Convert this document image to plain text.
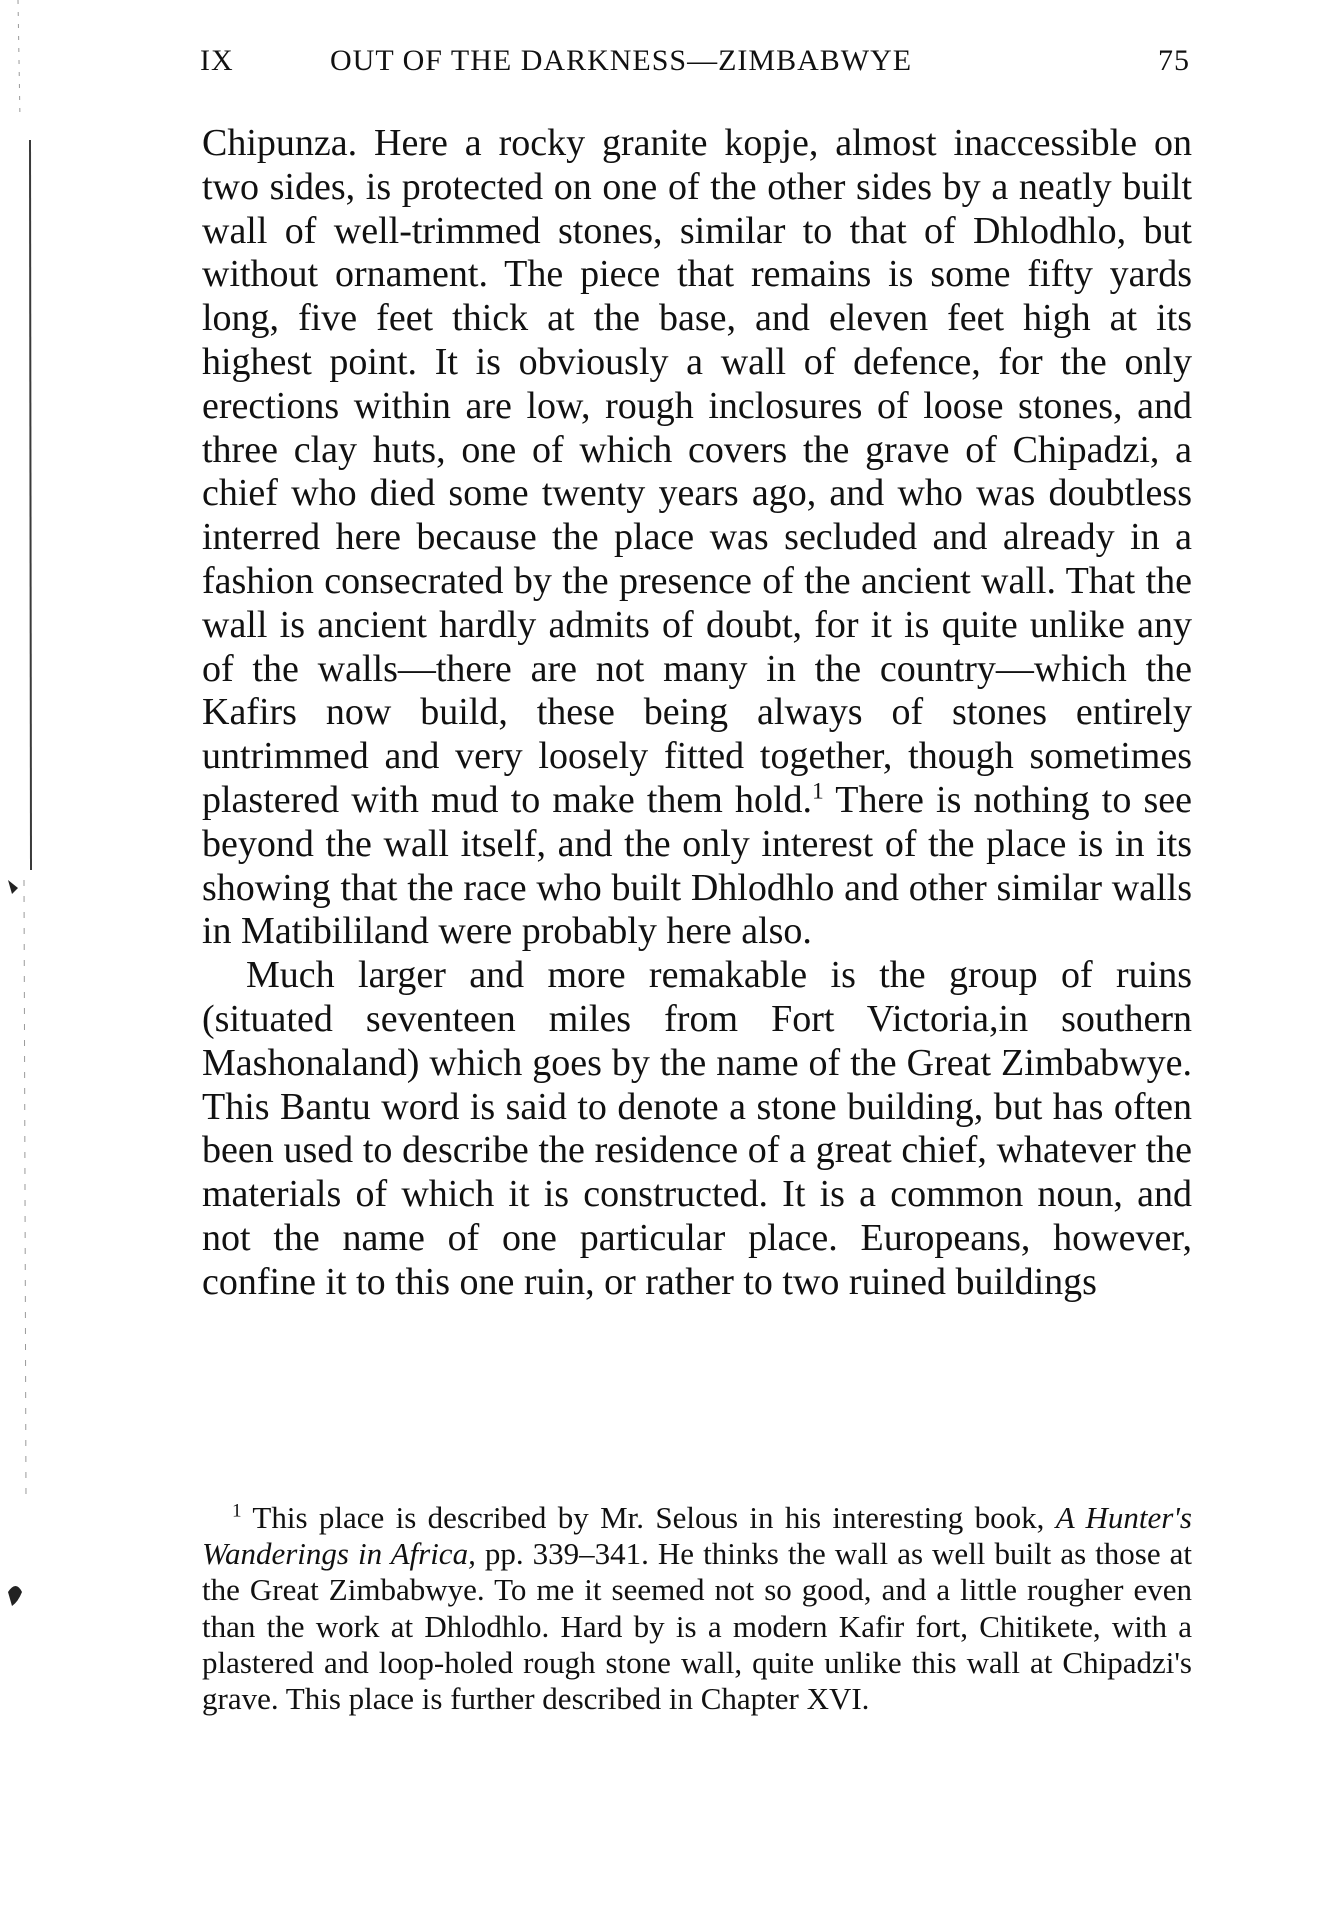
IX	OUT OF THE DARKNESS—ZIMBABWYE	75

Chipunza. Here a rocky granite kopje, almost inaccessible on two sides, is protected on one of the other sides by a neatly built wall of well-trimmed stones, similar to that of Dhlodhlo, but without ornament. The piece that remains is some fifty yards long, five feet thick at the base, and eleven feet high at its highest point. It is obviously a wall of defence, for the only erections within are low, rough inclosures of loose stones, and three clay huts, one of which covers the grave of Chipadzi, a chief who died some twenty years ago, and who was doubtless interred here because the place was secluded and already in a fashion consecrated by the presence of the ancient wall. That the wall is ancient hardly admits of doubt, for it is quite unlike any of the walls—there are not many in the country—which the Kafirs now build, these being always of stones entirely untrimmed and very loosely fitted together, though sometimes plastered with mud to make them hold.$^1$ There is nothing to see beyond the wall itself, and the only interest of the place is in its showing that the race who built Dhlodhlo and other similar walls in Matibililand were probably here also.

Much larger and more remakable is the group of ruins (situated seventeen miles from Fort Victoria,in southern Mashonaland) which goes by the name of the Great Zimbabwye. This Bantu word is said to denote a stone building, but has often been used to describe the residence of a great chief, whatever the materials of which it is constructed. It is a common noun, and not the name of one particular place. Europeans, however, confine it to this one ruin, or rather to two ruined buildings

$^1$ This place is described by Mr. Selous in his interesting book, A Hunter's Wanderings in Africa, pp. 339–341. He thinks the wall as well built as those at the Great Zimbabwye. To me it seemed not so good, and a little rougher even than the work at Dhlodhlo. Hard by is a modern Kafir fort, Chitikete, with a plastered and loop-holed rough stone wall, quite unlike this wall at Chipadzi's grave. This place is further described in Chapter XVI.
